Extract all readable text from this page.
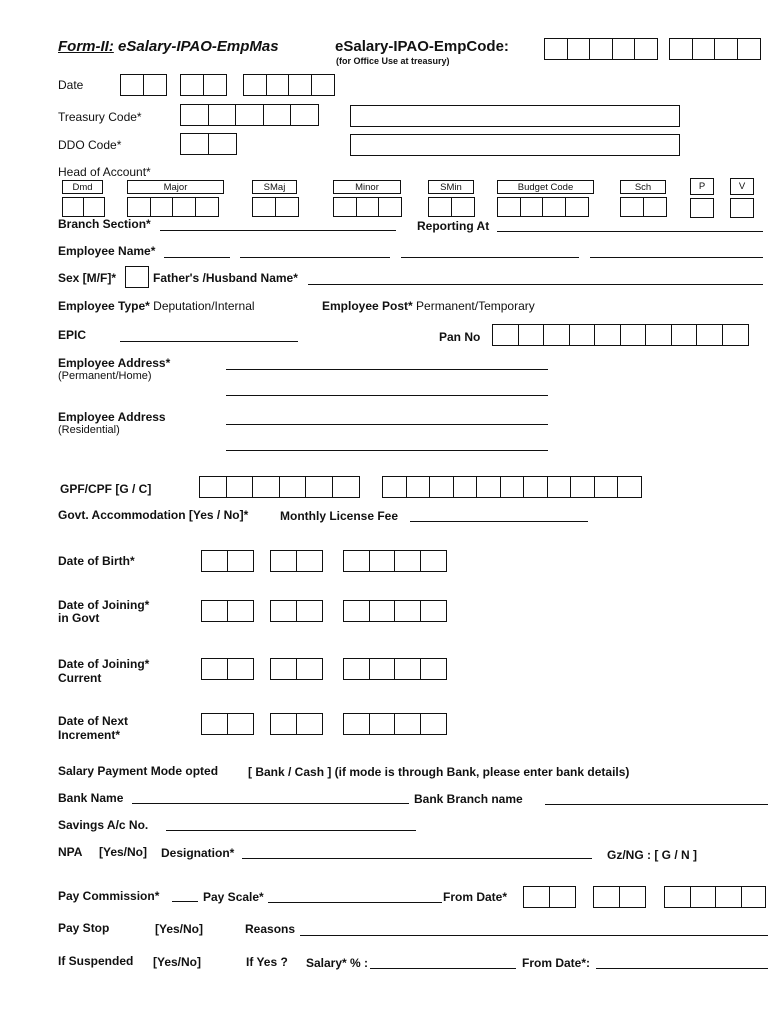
Form-II: eSalary-IPAO-EmpMas	eSalary-IPAO-EmpCode:
(for Office Use at treasury)
Date
Treasury Code*
DDO Code*
Head of Account*
Dmd	Major	SMaj	Minor	SMin	Budget Code	Sch	P	V
Branch Section*	Reporting At
Employee Name*
Sex [M/F]*	Father's /Husband Name*
Employee Type* Deputation/Internal	Employee Post* Permanent/Temporary
EPIC	Pan No
Employee Address*
(Permanent/Home)
Employee Address
(Residential)
GPF/CPF [G / C]
Govt. Accommodation [Yes / No]*	Monthly License Fee
Date of Birth*
Date of Joining*
in Govt
Date of Joining*
Current
Date of Next
Increment*
Salary Payment Mode opted [ Bank / Cash ] (if mode is through Bank, please enter bank details)
Bank Name	Bank Branch name
Savings A/c No.
NPA [Yes/No] Designation*	Gz/NG : [ G / N ]
Pay Commission*	Pay Scale*	From Date*
Pay Stop	[Yes/No]	Reasons
If Suspended [Yes/No]	If Yes ? Salary* % :	From Date*:
